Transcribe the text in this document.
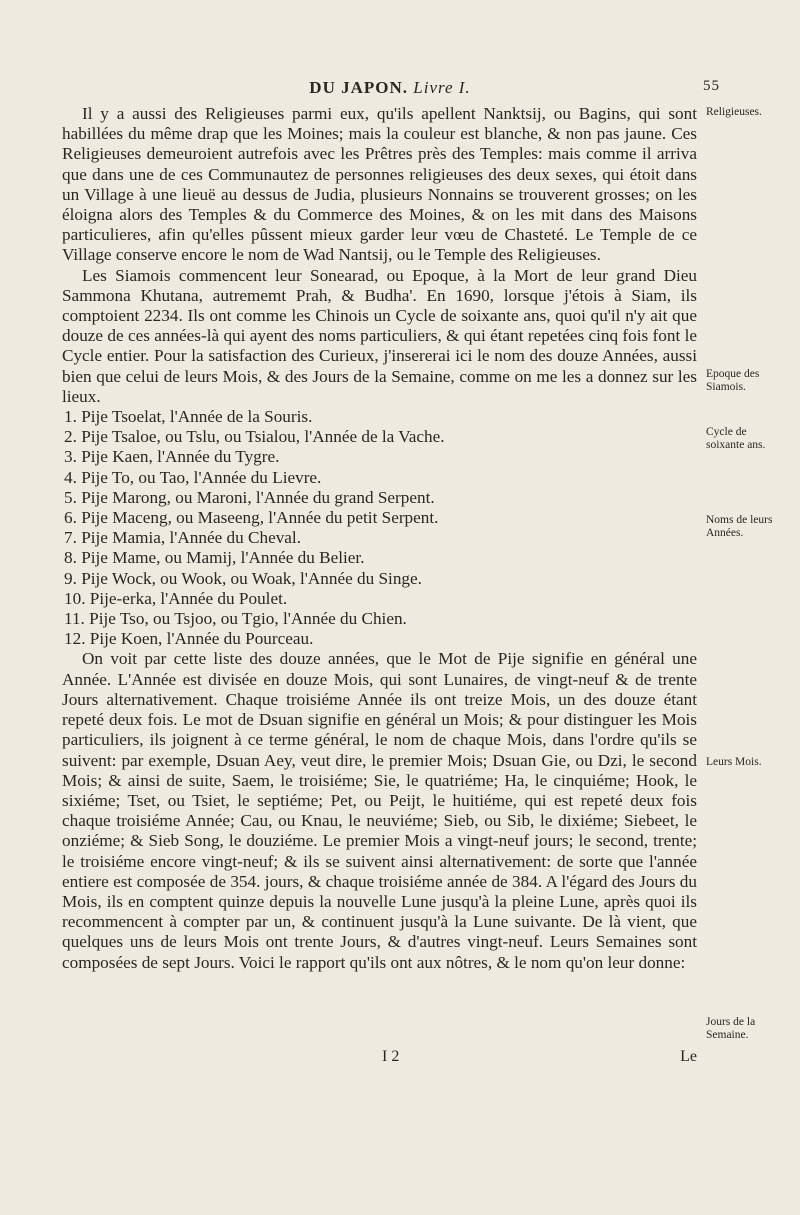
DU JAPON. Livre I.	55

Il y a aussi des Religieuses parmi eux, qu'ils apellent Nanktsij, ou Bagins, qui sont habillées du même drap que les Moines; mais la couleur est blanche, & non pas jaune. Ces Religieuses demeuroient autrefois avec les Prêtres près des Temples: mais comme il arriva que dans une de ces Communautez de personnes religieuses des deux sexes, qui étoit dans un Village à une lieuë au dessus de Judia, plusieurs Nonnains se trouverent grosses; on les éloigna alors des Temples & du Commerce des Moines, & on les mit dans des Maisons particulieres, afin qu'elles pûssent mieux garder leur vœu de Chasteté. Le Temple de ce Village conserve encore le nom de Wad Nantsij, ou le Temple des Religieuses.

Les Siamois commencent leur Sonearad, ou Epoque, à la Mort de leur grand Dieu Sammona Khutana, autrememt Prah, & Budha'. En 1690, lorsque j'étois à Siam, ils comptoient 2234. Ils ont comme les Chinois un Cycle de soixante ans, quoi qu'il n'y ait que douze de ces années-là qui ayent des noms particuliers, & qui étant repetées cinq fois font le Cycle entier. Pour la satisfaction des Curieux, j'insererai ici le nom des douze Années, aussi bien que celui de leurs Mois, & des Jours de la Semaine, comme on me les a donnez sur les lieux.

1. Pije Tsoelat, l'Année de la Souris.
2. Pije Tsaloe, ou Tslu, ou Tsialou, l'Année de la Vache.
3. Pije Kaen, l'Année du Tygre.
4. Pije To, ou Tao, l'Année du Lievre.
5. Pije Marong, ou Maroni, l'Année du grand Serpent.
6. Pije Maceng, ou Maseeng, l'Année du petit Serpent.
7. Pije Mamia, l'Année du Cheval.
8. Pije Mame, ou Mamij, l'Année du Belier.
9. Pije Wock, ou Wook, ou Woak, l'Année du Singe.
10. Pije-erka, l'Année du Poulet.
11. Pije Tso, ou Tsjoo, ou Tgio, l'Année du Chien.
12. Pije Koen, l'Année du Pourceau.

On voit par cette liste des douze années, que le Mot de Pije signifie en général une Année. L'Année est divisée en douze Mois, qui sont Lunaires, de vingt-neuf & de trente Jours alternativement. Chaque troisiéme Année ils ont treize Mois, un des douze étant repeté deux fois. Le mot de Dsuan signifie en général un Mois; & pour distinguer les Mois particuliers, ils joignent à ce terme général, le nom de chaque Mois, dans l'ordre qu'ils se suivent: par exemple, Dsuan Aey, veut dire, le premier Mois; Dsuan Gie, ou Dzi, le second Mois; & ainsi de suite, Saem, le troisiéme; Sie, le quatriéme; Ha, le cinquiéme; Hook, le sixiéme; Tset, ou Tsiet, le septiéme; Pet, ou Peijt, le huitiéme, qui est repeté deux fois chaque troisiéme Année; Cau, ou Knau, le neuviéme; Sieb, ou Sib, le dixiéme; Siebeet, le onziéme; & Sieb Song, le douziéme. Le premier Mois a vingt-neuf jours; le second, trente; le troisiéme encore vingt-neuf; & ils se suivent ainsi alternativement: de sorte que l'année entiere est composée de 354. jours, & chaque troisiéme année de 384. A l'égard des Jours du Mois, ils en comptent quinze depuis la nouvelle Lune jusqu'à la pleine Lune, après quoi ils recommencent à compter par un, & continuent jusqu'à la Lune suivante. De là vient, que quelques uns de leurs Mois ont trente Jours, & d'autres vingt-neuf. Leurs Semaines sont composées de sept Jours. Voici le rapport qu'ils ont aux nôtres, & le nom qu'on leur donne:

Religieuses.
Epoque des Siamois.
Cycle de soixante ans.
Noms de leurs Années.
Leurs Mois.
Jours de la Semaine.
I 2	Le
